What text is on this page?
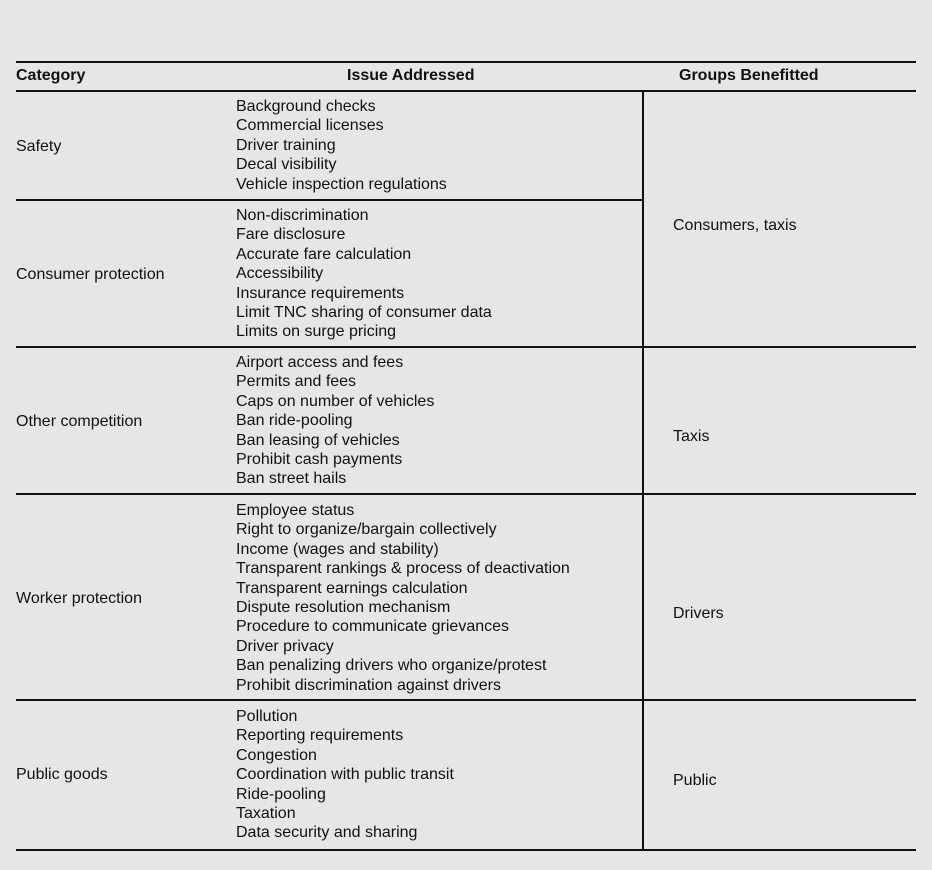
Category	Issue Addressed	Groups Benefitted
Safety
Consumer protection
Other competition
Worker protection
Public goods
Background checks
Commercial licenses
Driver training
Decal visibility
Vehicle inspection regulations
Non-discrimination
Fare disclosure
Accurate fare calculation
Accessibility
Insurance requirements
Limit TNC sharing of consumer data
Limits on surge pricing
Airport access and fees
Permits and fees
Caps on number of vehicles
Ban ride-pooling
Ban leasing of vehicles
Prohibit cash payments
Ban street hails
Employee status
Right to organize/bargain collectively
Income (wages and stability)
Transparent rankings & process of deactivation
Transparent earnings calculation
Dispute resolution mechanism
Procedure to communicate grievances
Driver privacy
Ban penalizing drivers who organize/protest
Prohibit discrimination against drivers
Pollution
Reporting requirements
Congestion
Coordination with public transit
Ride-pooling
Taxation
Data security and sharing
Consumers, taxis
Taxis
Drivers
Public
